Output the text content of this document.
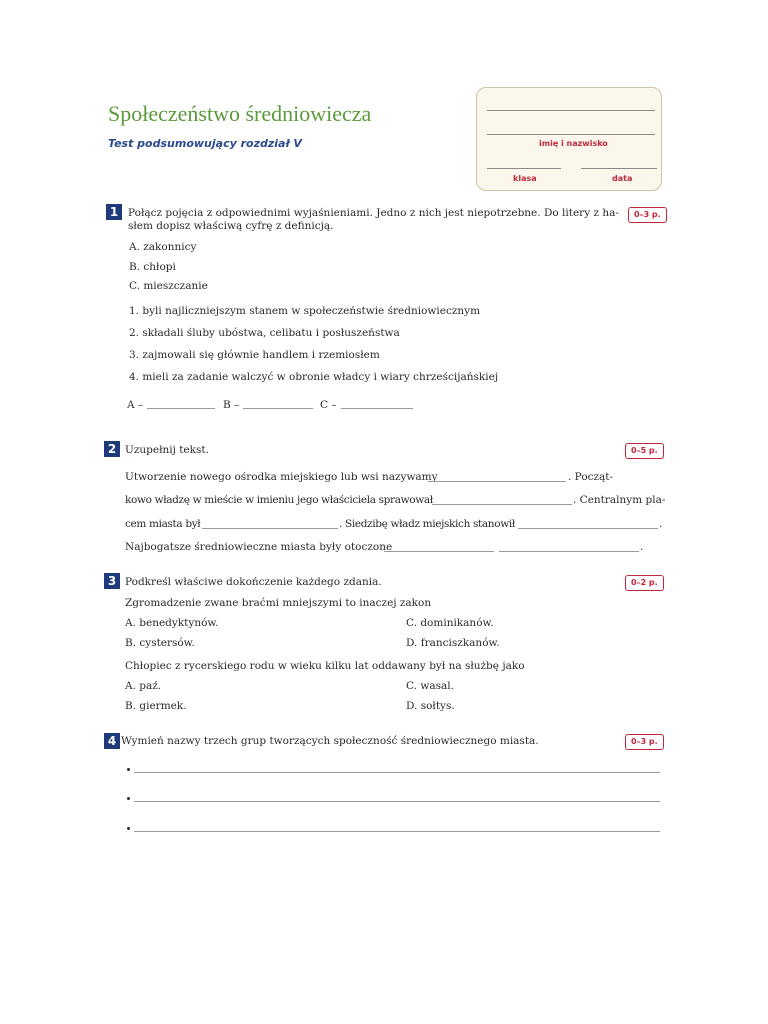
Społeczeństwo średniowiecza
Test podsumowujący rozdział V	imię i nazwisko
klasa	data
1	0–3 p.
Połącz pojęcia z odpowiednimi wyjaśnieniami. Jedno z nich jest niepotrzebne. Do litery z ha-
słem dopisz właściwą cyfrę z definicją.
A. zakonnicy
B. chłopi
C. mieszczanie
1. byli najliczniejszym stanem w społeczeństwie średniowiecznym
2. składali śluby ubóstwa, celibatu i posłuszeństwa
3. zajmowali się głównie handlem i rzemiosłem
4. mieli za zadanie walczyć w obronie władcy i wiary chrześcijańskiej
A –	B –	C –
2	0–5 p.
Uzupełnij tekst.
Utworzenie nowego ośrodka miejskiego lub wsi nazywamy	. Począt-
kowo władzę w mieście w imieniu jego właściciela sprawował	. Centralnym pla-
cem miasta był	. Siedzibę władz miejskich stanowił	.
Najbogatsze średniowieczne miasta były otoczone	.
3	0–2 p.
Podkreśl właściwe dokończenie każdego zdania.
Zgromadzenie zwane braćmi mniejszymi to inaczej zakon
A. benedyktynów.	C. dominikanów.
B. cystersów.	D. franciszkanów.
Chłopiec z rycerskiego rodu w wieku kilku lat oddawany był na służbę jako
A. paź.	C. wasal.
B. giermek.	D. sołtys.
4	0–3 p.
Wymień nazwy trzech grup tworzących społeczność średniowiecznego miasta.
